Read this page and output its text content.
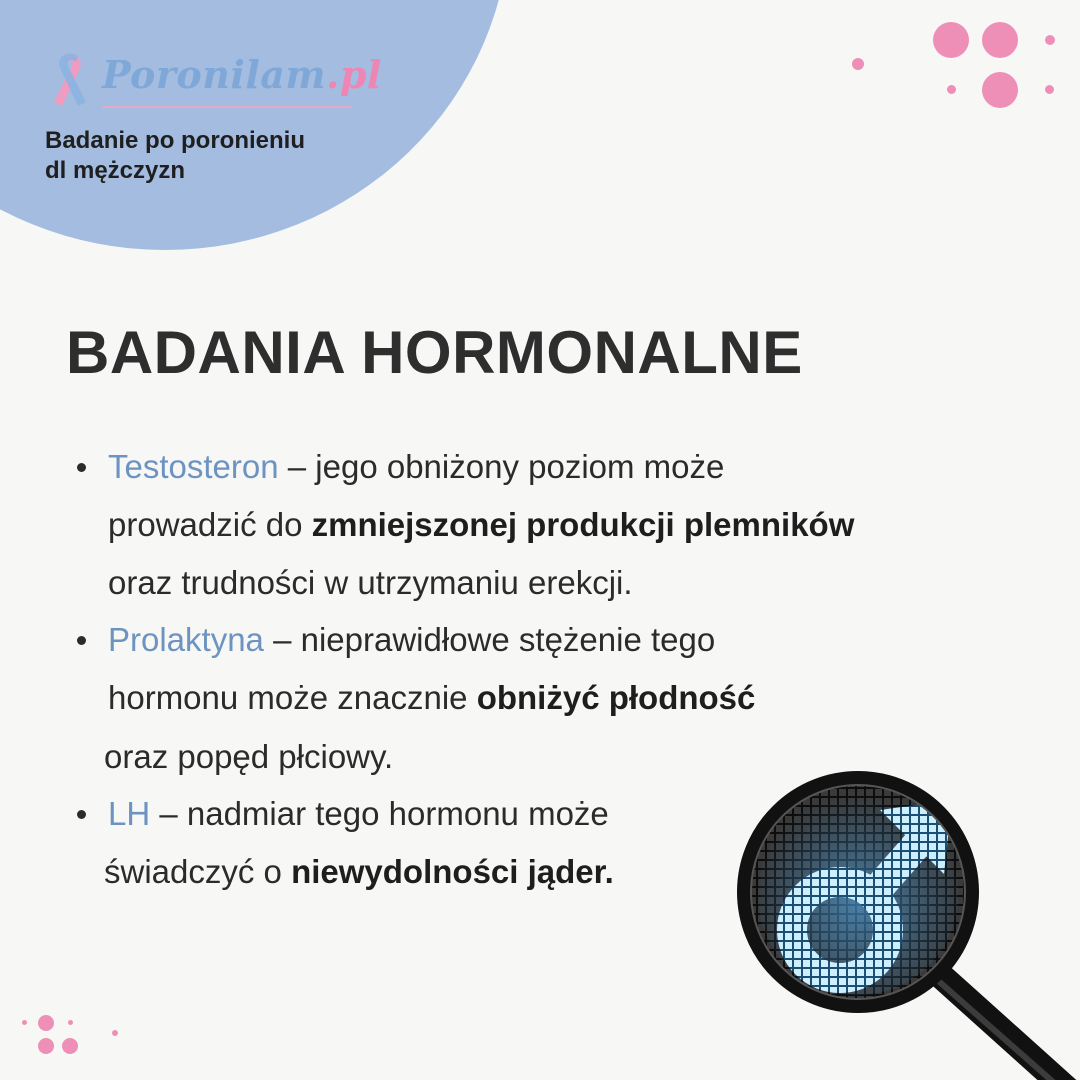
Poronilam.pl
Badanie po poronieniu
dl mężczyzn
BADANIA HORMONALNE
Testosteron – jego obniżony poziom może
prowadzić do zmniejszonej produkcji plemników
oraz trudności w utrzymaniu erekcji.
Prolaktyna – nieprawidłowe stężenie tego
hormonu może znacznie obniżyć płodność
oraz popęd płciowy.
LH – nadmiar tego hormonu może
świadczyć o niewydolności jąder.
